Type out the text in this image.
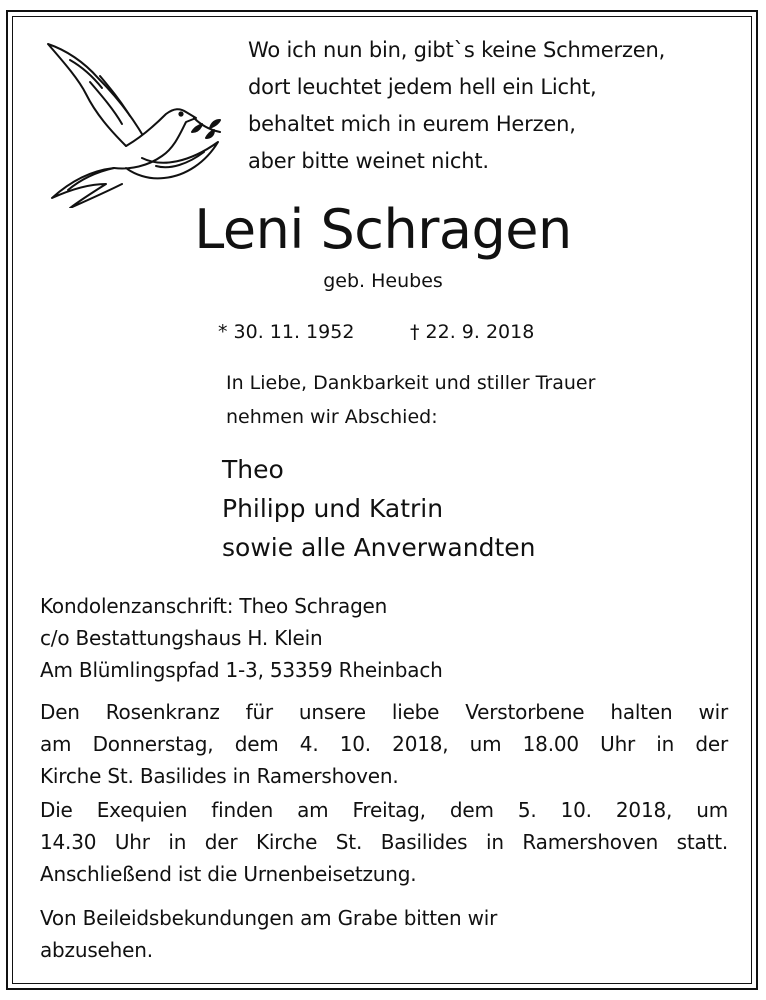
Wo ich nun bin, gibt`s keine Schmerzen,
dort leuchtet jedem hell ein Licht,
behaltet mich in eurem Herzen,
aber bitte weinet nicht.
Leni Schragen
geb. Heubes
* 30. 11. 1952	† 22. 9. 2018
In Liebe, Dankbarkeit und stiller Trauer
nehmen wir Abschied:
Theo
Philipp und Katrin
sowie alle Anverwandten
Kondolenzanschrift: Theo Schragen
c/o Bestattungshaus H. Klein
Am Blümlingspfad 1-3, 53359 Rheinbach
Den Rosenkranz für unsere liebe Verstorbene halten wir
am Donnerstag, dem 4. 10. 2018, um 18.00 Uhr in der
Kirche St. Basilides in Ramershoven.
Die Exequien finden am Freitag, dem 5. 10. 2018, um
14.30 Uhr in der Kirche St. Basilides in Ramershoven statt.
Anschließend ist die Urnenbeisetzung.
Von Beileidsbekundungen am Grabe bitten wir
abzusehen.
